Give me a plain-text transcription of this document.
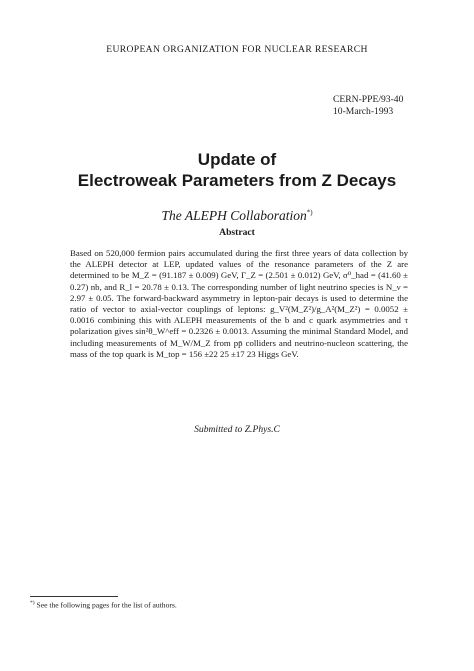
EUROPEAN ORGANIZATION FOR NUCLEAR RESEARCH
CERN-PPE/93-40
10-March-1993
Update of
Electroweak Parameters from Z Decays
The ALEPH Collaboration*)
Abstract

Based on 520,000 fermion pairs accumulated during the first three years of data collection by the ALEPH detector at LEP, updated values of the resonance parameters of the Z are determined to be M_Z = (91.187 ± 0.009) GeV, Γ_Z = (2.501 ± 0.012) GeV, σ⁰_had = (41.60 ± 0.27) nb, and R_l = 20.78 ± 0.13. The corresponding number of light neutrino species is N_ν = 2.97 ± 0.05. The forward-backward asymmetry in lepton-pair decays is used to determine the ratio of vector to axial-vector couplings of leptons: g_V²(M_Z²)/g_A²(M_Z²) = 0.0052 ± 0.0016 combining this with ALEPH measurements of the b and c quark asymmetries and τ polarization gives sin²θ_W^eff = 0.2326 ± 0.0013. Assuming the minimal Standard Model, and including measurements of M_W/M_Z from pp̄ colliders and neutrino-nucleon scattering, the mass of the top quark is M_top = 156 ±22 25 ±17 23 Higgs GeV.

Submitted to Z.Phys.C
*) See the following pages for the list of authors.
